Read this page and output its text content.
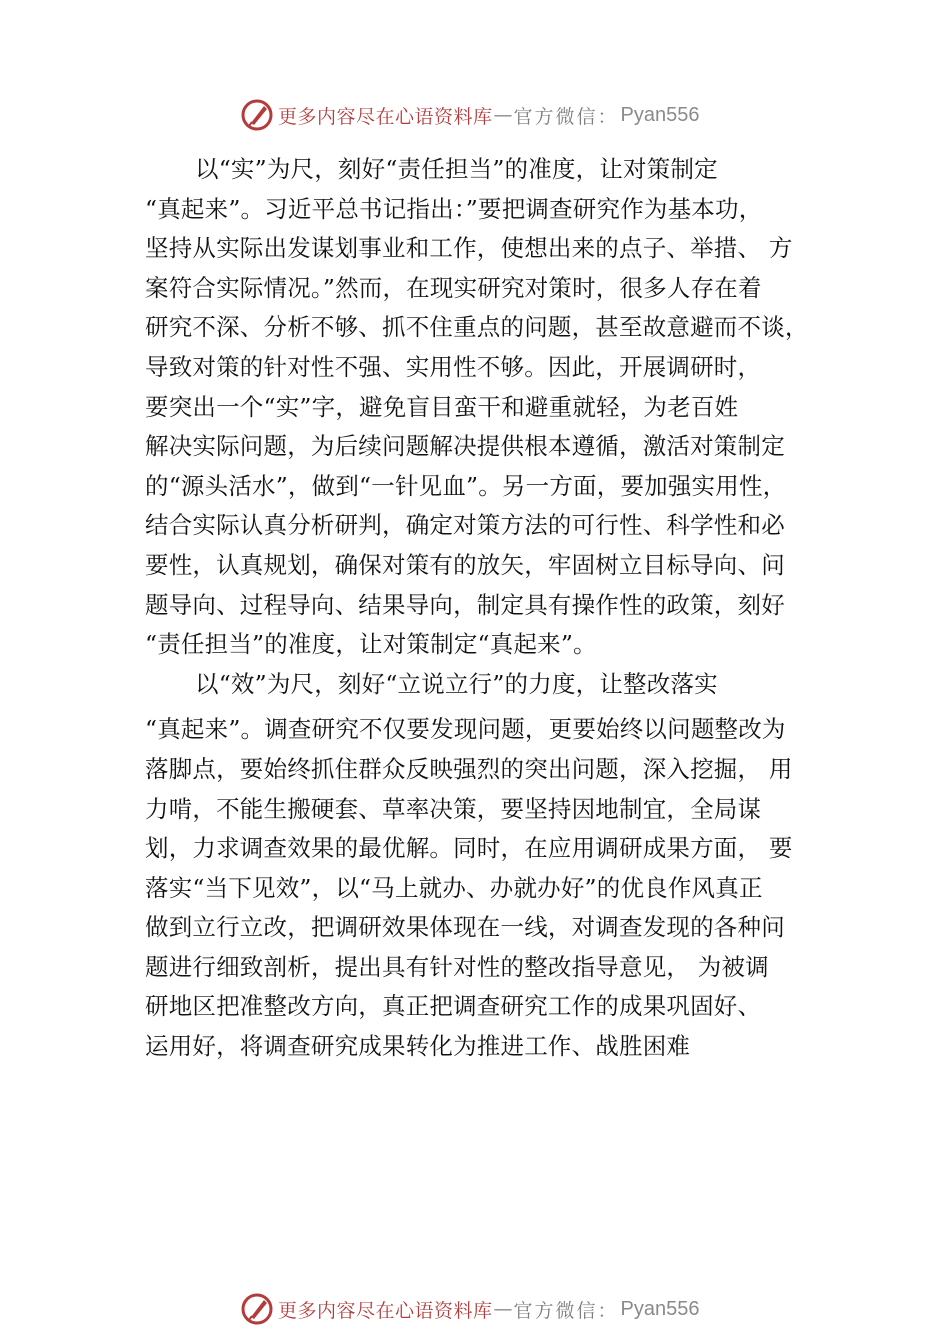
更多内容尽在心语资料库 — 官方微信： Pyan556
以“实”为尺，刻好“责任担当”的准度，让对策制定
“真起来”。习近平总书记指出：”要把调查研究作为基本功，
坚持从实际出发谋划事业和工作，使想出来的点子、举措、 方
案符合实际情况。”然而，在现实研究对策时，很多人存在着
研究不深、分析不够、抓不住重点的问题，甚至故意避而不谈，
导致对策的针对性不强、实用性不够。因此，开展调研时，
要突出一个“实”字，避免盲目蛮干和避重就轻，为老百姓
解决实际问题，为后续问题解决提供根本遵循，激活对策制定
的“源头活水”，做到“一针见血”。另一方面，要加强实用性，
结合实际认真分析研判，确定对策方法的可行性、科学性和必
要性，认真规划，确保对策有的放矢，牢固树立目标导向、问
题导向、过程导向、结果导向，制定具有操作性的政策，刻好
“责任担当”的准度，让对策制定“真起来”。
以“效”为尺，刻好“立说立行”的力度，让整改落实
“真起来”。调查研究不仅要发现问题，更要始终以问题整改为
落脚点，要始终抓住群众反映强烈的突出问题，深入挖掘， 用
力啃，不能生搬硬套、草率决策，要坚持因地制宜，全局谋
划，力求调查效果的最优解。同时，在应用调研成果方面， 要
落实“当下见效”，以“马上就办、办就办好”的优良作风真正
做到立行立改，把调研效果体现在一线，对调查发现的各种问
题进行细致剖析，提出具有针对性的整改指导意见， 为被调
研地区把准整改方向，真正把调查研究工作的成果巩固好、
运用好，将调查研究成果转化为推进工作、战胜困难
更多内容尽在心语资料库 — 官方微信： Pyan556
